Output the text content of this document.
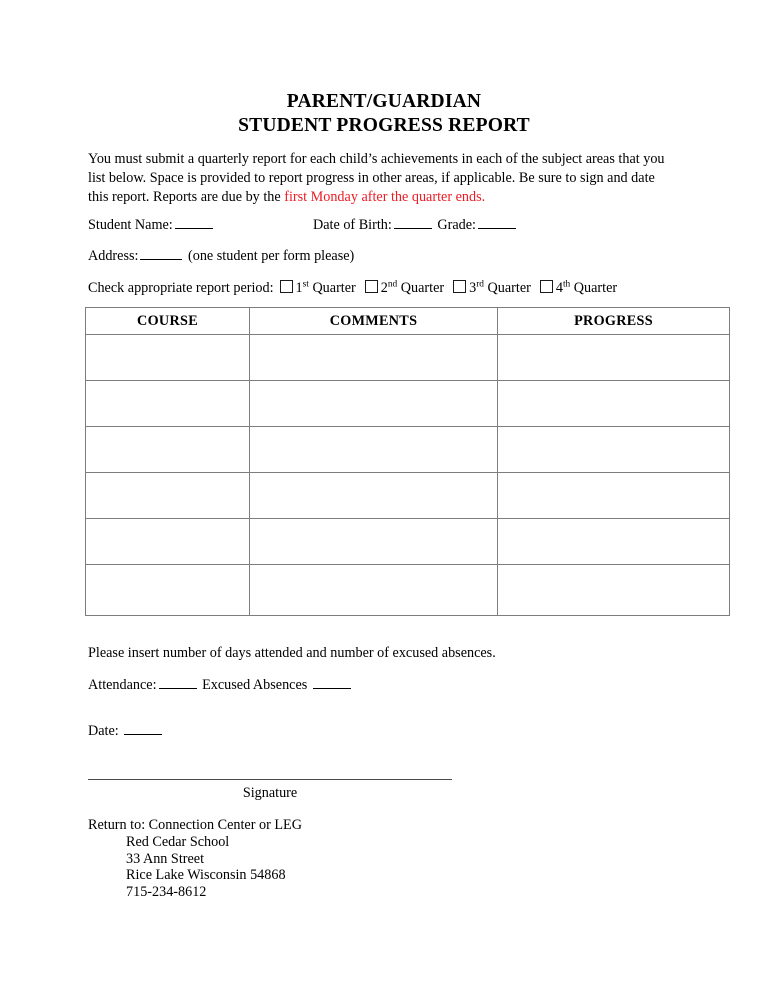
PARENT/GUARDIAN
STUDENT PROGRESS REPORT
You must submit a quarterly report for each child’s achievements in each of the subject areas that you list below. Space is provided to report progress in other areas, if applicable. Be sure to sign and date this report. Reports are due by the first Monday after the quarter ends.
Student Name:	Date of Birth:	Grade:
Address:	(one student per form please)
Check appropriate report period: 1st Quarter 2nd Quarter 3rd Quarter 4th Quarter
COURSE	COMMENTS	PROGRESS

Please insert number of days attended and number of excused absences.
Attendance:	Excused Absences
Date:
Signature
Return to: Connection Center or LEG
Red Cedar School
33 Ann Street
Rice Lake Wisconsin 54868
715-234-8612
